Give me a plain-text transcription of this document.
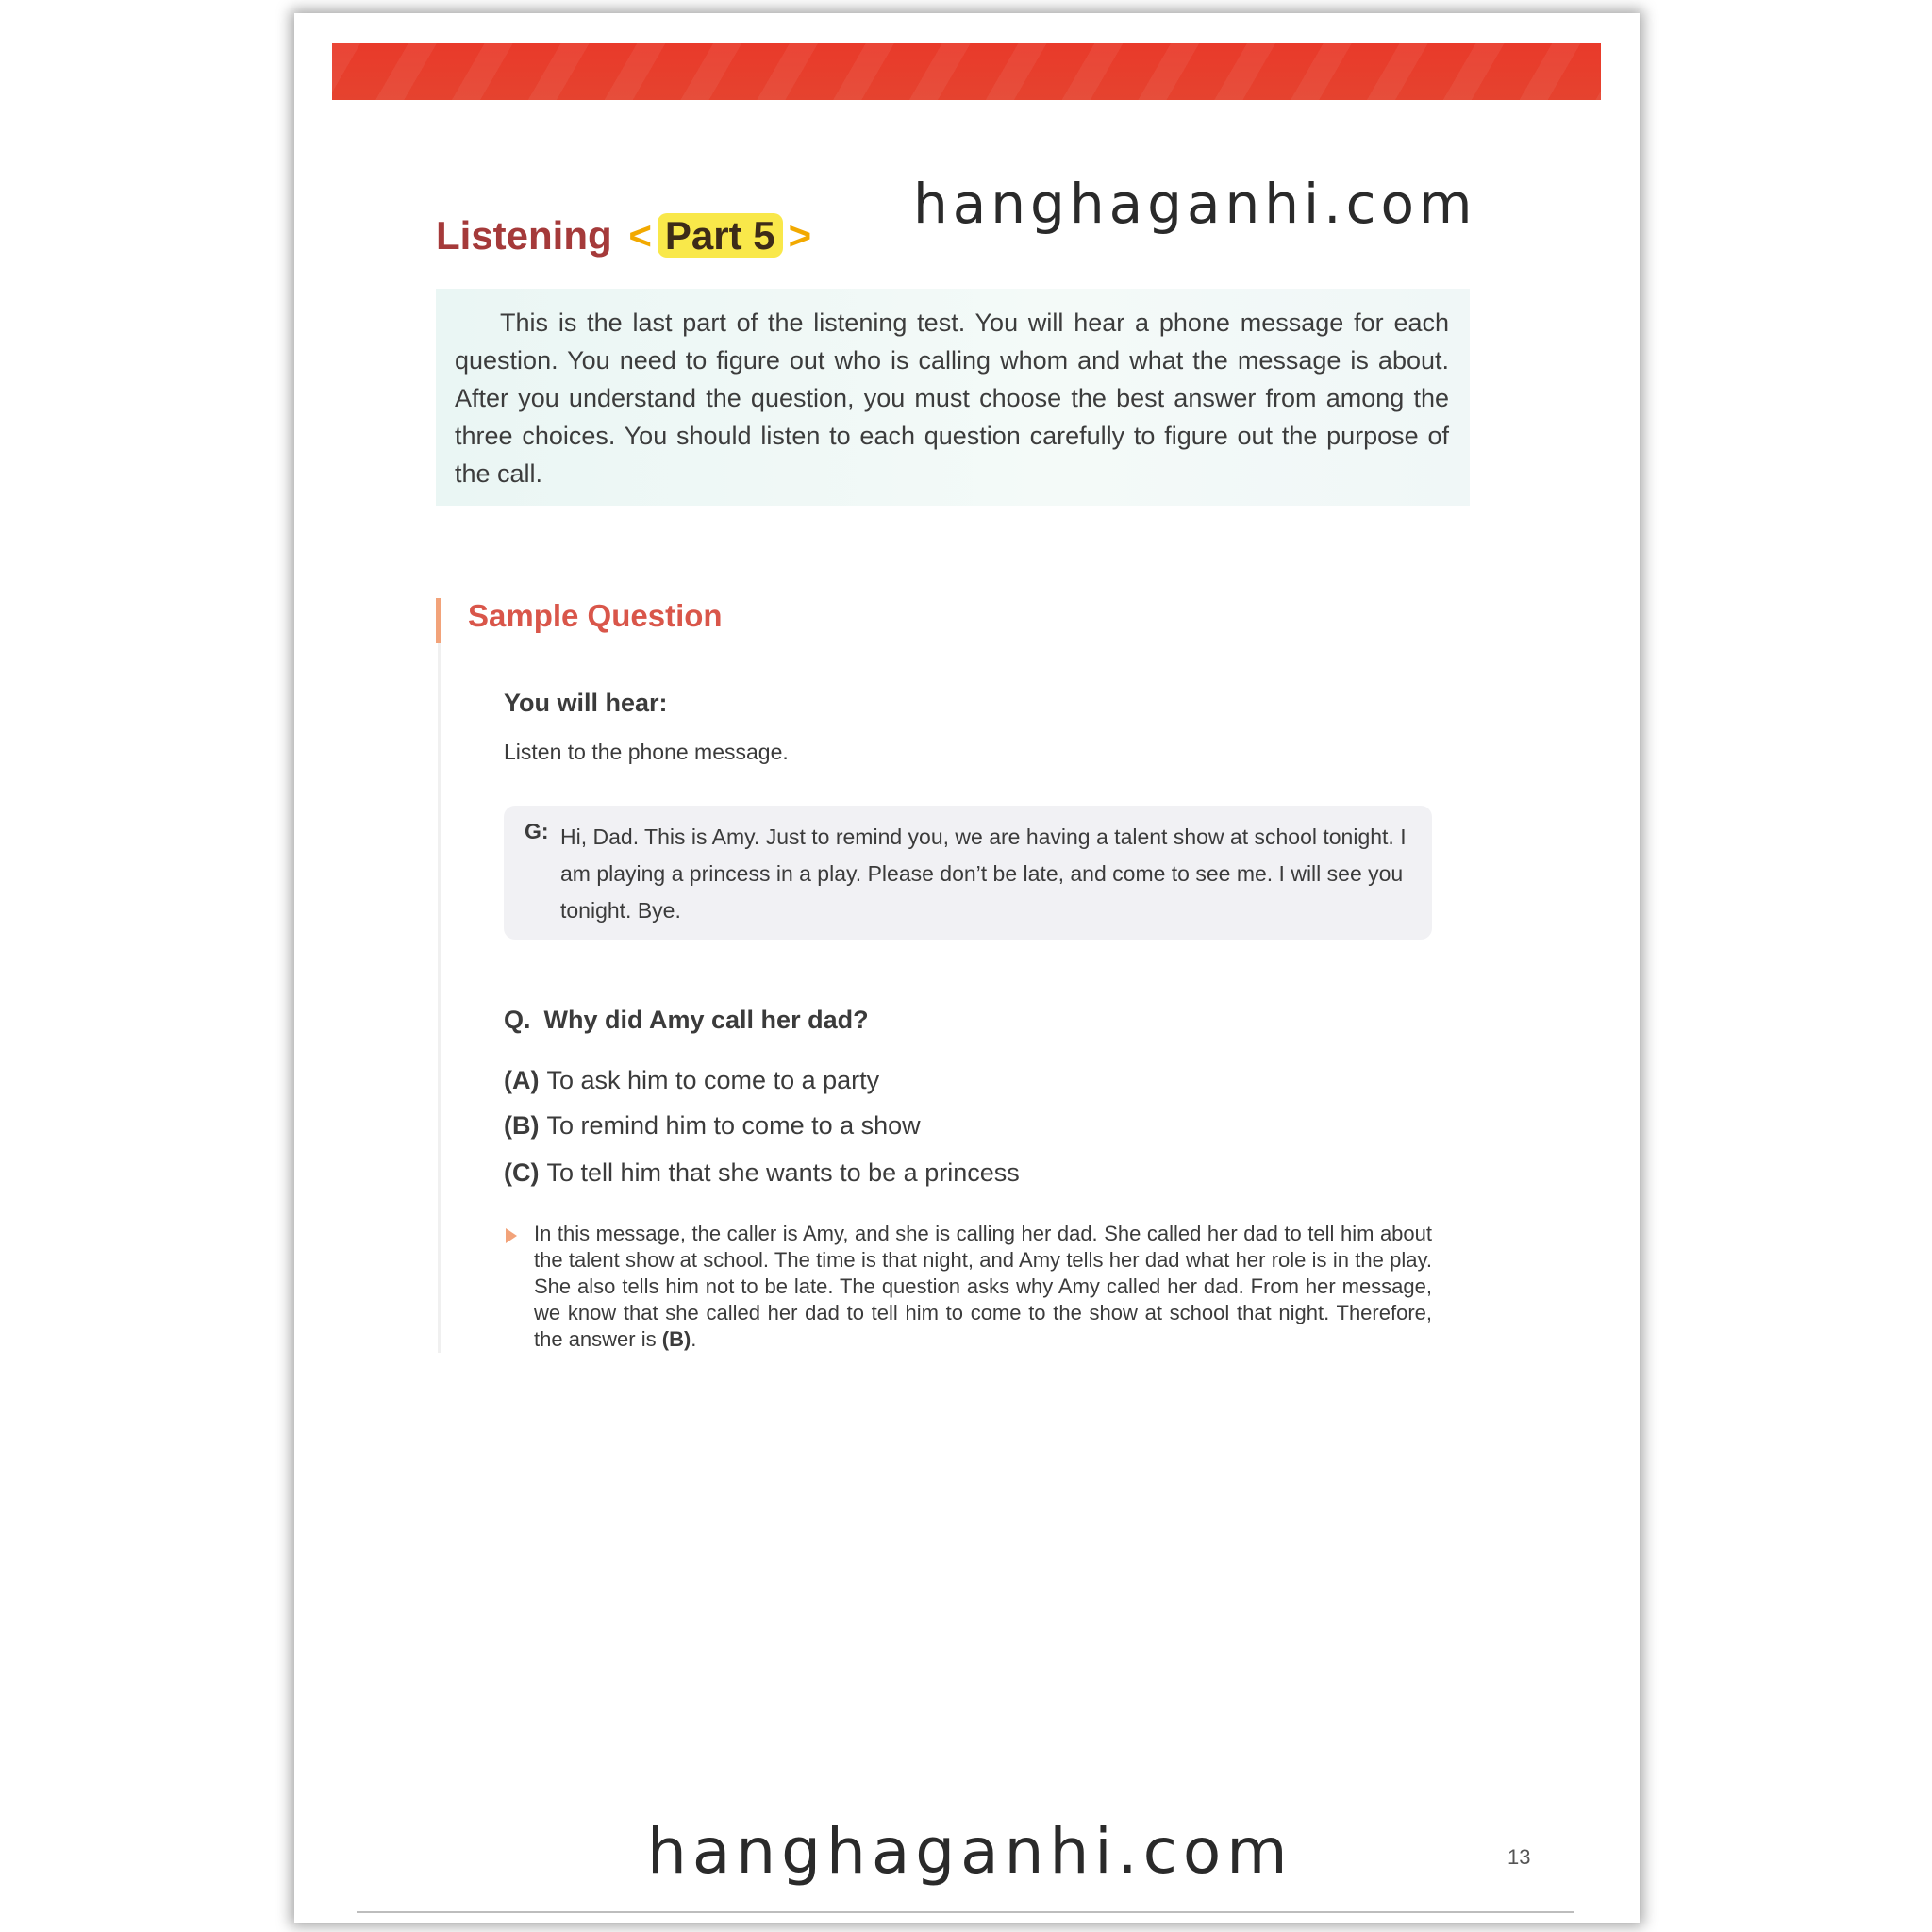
hanghaganhi.com
Listening < Part 5 >
This is the last part of the listening test. You will hear a phone message for each question. You need to figure out who is calling whom and what the message is about. After you understand the question, you must choose the best answer from among the three choices. You should listen to each question carefully to figure out the purpose of the call.
Sample Question
You will hear:
Listen to the phone message.
G: Hi, Dad. This is Amy. Just to remind you, we are having a talent show at school tonight. I am playing a princess in a play. Please don’t be late, and come to see me. I will see you tonight. Bye.
Q. Why did Amy call her dad?
(A) To ask him to come to a party
(B) To remind him to come to a show
(C) To tell him that she wants to be a princess
In this message, the caller is Amy, and she is calling her dad. She called her dad to tell him about the talent show at school. The time is that night, and Amy tells her dad what her role is in the play. She also tells him not to be late. The question asks why Amy called her dad. From her message, we know that she called her dad to tell him to come to the show at school that night. Therefore, the answer is (B).
hanghaganhi.com	13
